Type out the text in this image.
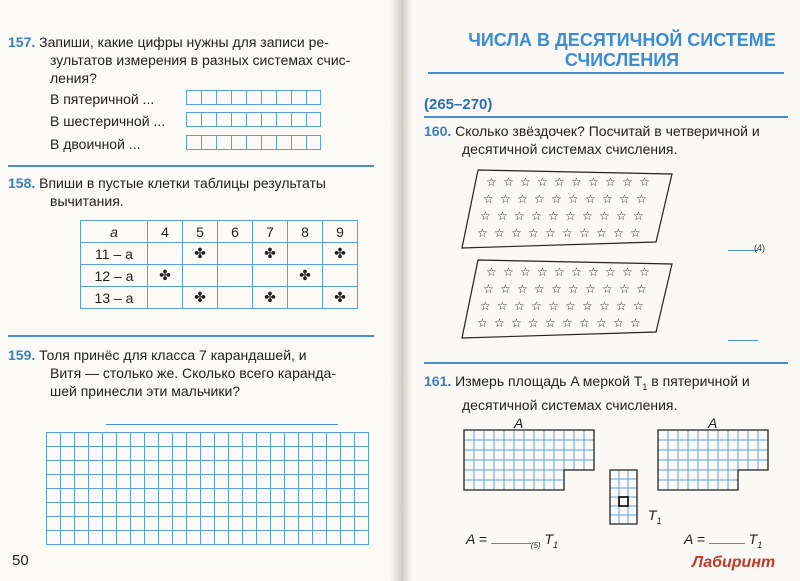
157. Запиши, какие цифры нужны для записи ре-
зультатов измерения в разных системах счис-
ления?
В пятеричной ...
В шестеричной ...
В двоичной ...
158. Впиши в пустые клетки таблицы результаты
вычитания.
a	4	5	6	7	8	9
11 – a		✤		✤		✤
12 – a	✤				✤	
13 – a		✤		✤		✤
159. Толя принёс для класса 7 карандашей, и
Витя — столько же. Сколько всего каранда-
шей принесли эти мальчики?
50
ЧИСЛА В ДЕСЯТИЧНОЙ СИСТЕМЕ
СЧИСЛЕНИЯ
(265–270)
160. Сколько звёздочек? Посчитай в четверичной и
десятичной системах счисления.
☆ ☆ ☆ ☆ ☆ ☆ ☆ ☆ ☆ ☆
☆ ☆ ☆ ☆ ☆ ☆ ☆ ☆ ☆ ☆
☆ ☆ ☆ ☆ ☆ ☆ ☆ ☆ ☆ ☆
☆ ☆ ☆ ☆ ☆ ☆ ☆ ☆ ☆ ☆
☆ ☆ ☆ ☆ ☆ ☆ ☆ ☆ ☆ ☆
☆ ☆ ☆ ☆ ☆ ☆ ☆ ☆ ☆ ☆
☆ ☆ ☆ ☆ ☆ ☆ ☆ ☆ ☆ ☆
☆ ☆ ☆ ☆ ☆ ☆ ☆ ☆ ☆ ☆
(4)
161. Измерь площадь A меркой $T_1$ в пятеричной и
десятичной системах счисления.
A	A
$T_1$
A =	$_{(5)}$ $T_1$	A =	$T_1$
Лабиринт
